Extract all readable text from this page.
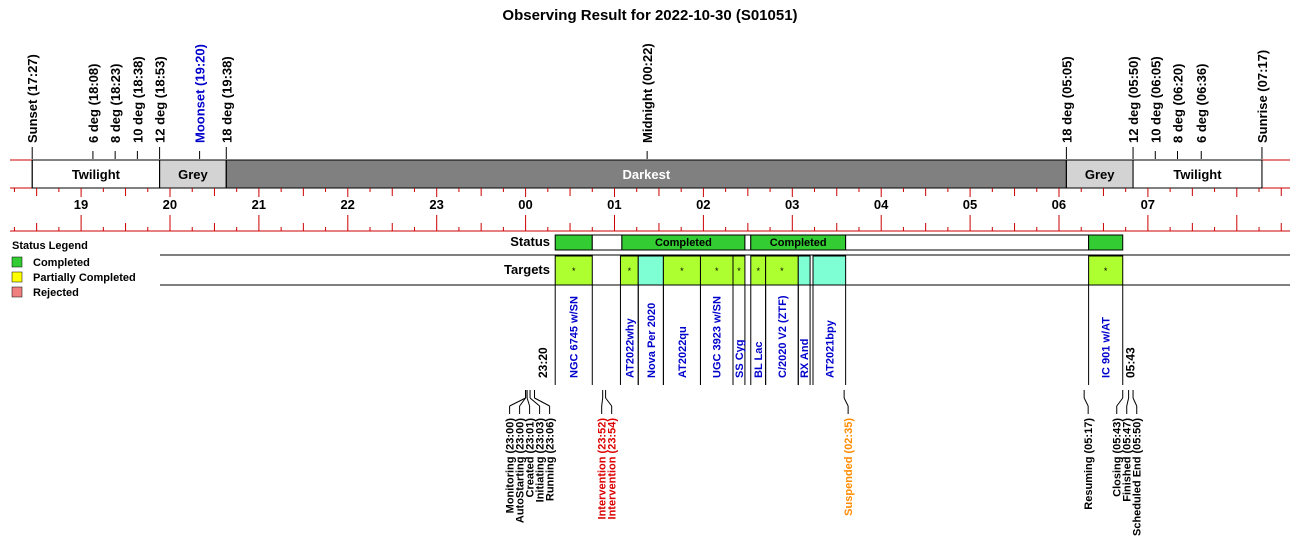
Observing Result for 2022-10-30 (S01051)
Sunset (17:27)	6 deg (18:08) 8 deg (18:23) 10 deg (18:38) 12 deg (18:53) Moonset (19:20) 18 deg (19:38)	Midnight (00:22)	18 deg (05:05)	12 deg (05:50) 10 deg (06:05) 8 deg (06:20) 6 deg (06:36)	Sunrise (07:17)
Twilight	Grey	Darkest	Grey	Twilight
19	20	21	22	23	00	01	02	03	04	05	06	07
Status Legend
Completed
Partially Completed
Rejected
Status
Targets
Completed	Completed
*
NGC 6745 w/SN
*
AT2022why Nova Per 2020
*
AT2022qu
*
UGC 3923 w/SN
*
SS Cyg
*
BL Lac
*
C/2020 V2 (ZTF) RX And AT2021bpy
*
IC 901 w/AT
23:20	05:43
Monitoring (23:00)
AutoStarting (23:00)
Created (23:01)
Initiating (23:03)
Running (23:06)	Intervention (23:52)
Intervention (23:54)	Suspended (02:35)	Resuming (05:17) Closing (05:43)
Finished (05:47)
Scheduled End (05:50)
